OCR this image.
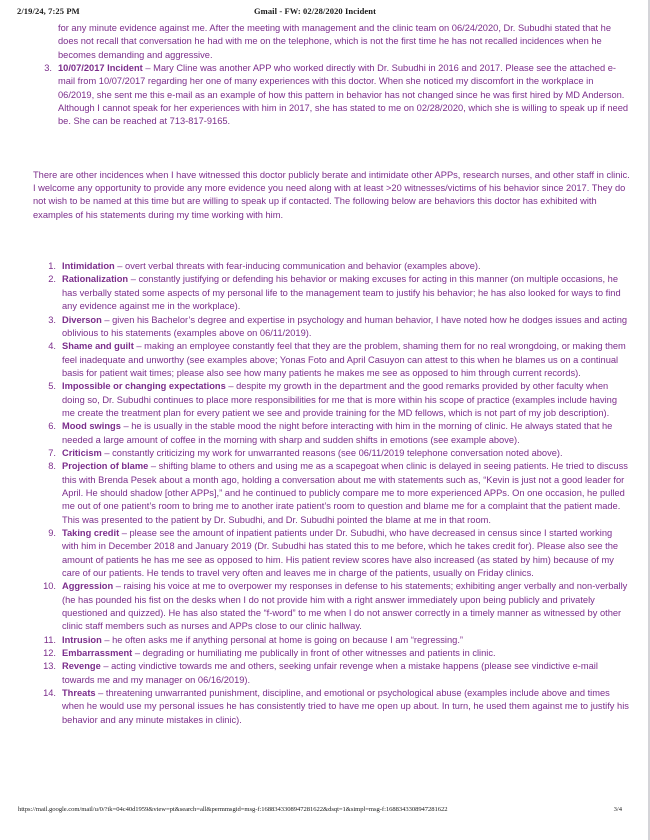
2/19/24, 7:25 PM	Gmail - FW: 02/28/2020 Incident

for any minute evidence against me. After the meeting with management and the clinic team on 06/24/2020, Dr. Subudhi stated that he does not recall that conversation he had with me on the telephone, which is not the first time he has not recalled incidences when he becomes demanding and aggressive.

3. 10/07/2017 Incident – Mary Cline was another APP who worked directly with Dr. Subudhi in 2016 and 2017. Please see the attached e-mail from 10/07/2017 regarding her one of many experiences with this doctor. When she noticed my discomfort in the workplace in 06/2019, she sent me this e-mail as an example of how this pattern in behavior has not changed since he was first hired by MD Anderson. Although I cannot speak for her experiences with him in 2017, she has stated to me on 02/28/2020, which she is willing to speak up if need be. She can be reached at 713-817-9165.

There are other incidences when I have witnessed this doctor publicly berate and intimidate other APPs, research nurses, and other staff in clinic. I welcome any opportunity to provide any more evidence you need along with at least >20 witnesses/victims of his behavior since 2017. They do not wish to be named at this time but are willing to speak up if contacted. The following below are behaviors this doctor has exhibited with examples of his statements during my time working with him.

1. Intimidation – overt verbal threats with fear-inducing communication and behavior (examples above).
2. Rationalization – constantly justifying or defending his behavior or making excuses for acting in this manner (on multiple occasions, he has verbally stated some aspects of my personal life to the management team to justify his behavior; he has also looked for ways to find any evidence against me in the workplace).
3. Diverson – given his Bachelor’s degree and expertise in psychology and human behavior, I have noted how he dodges issues and acting oblivious to his statements (examples above on 06/11/2019).
4. Shame and guilt – making an employee constantly feel that they are the problem, shaming them for no real wrongdoing, or making them feel inadequate and unworthy (see examples above; Yonas Foto and April Casuyon can attest to this when he blames us on a continual basis for patient wait times; please also see how many patients he makes me see as opposed to him through current records).
5. Impossible or changing expectations – despite my growth in the department and the good remarks provided by other faculty when doing so, Dr. Subudhi continues to place more responsibilities for me that is more within his scope of practice (examples include having me create the treatment plan for every patient we see and provide training for the MD fellows, which is not part of my job description).
6. Mood swings – he is usually in the stable mood the night before interacting with him in the morning of clinic. He always stated that he needed a large amount of coffee in the morning with sharp and sudden shifts in emotions (see example above).
7. Criticism – constantly criticizing my work for unwarranted reasons (see 06/11/2019 telephone conversation noted above).
8. Projection of blame – shifting blame to others and using me as a scapegoat when clinic is delayed in seeing patients. He tried to discuss this with Brenda Pesek about a month ago, holding a conversation about me with statements such as, “Kevin is just not a good leader for April. He should shadow [other APPs],” and he continued to publicly compare me to more experienced APPs. On one occasion, he pulled me out of one patient’s room to bring me to another irate patient’s room to question and blame me for a complaint that the patient made. This was presented to the patient by Dr. Subudhi, and Dr. Subudhi pointed the blame at me in that room.
9. Taking credit – please see the amount of inpatient patients under Dr. Subudhi, who have decreased in census since I started working with him in December 2018 and January 2019 (Dr. Subudhi has stated this to me before, which he takes credit for). Please also see the amount of patients he has me see as opposed to him. His patient review scores have also increased (as stated by him) because of my care of our patients. He tends to travel very often and leaves me in charge of the patients, usually on Friday clinics.
10. Aggression – raising his voice at me to overpower my responses in defense to his statements; exhibiting anger verbally and non-verbally (he has pounded his fist on the desks when I do not provide him with a right answer immediately upon being publicly and privately questioned and quizzed). He has also stated the “f-word” to me when I do not answer correctly in a timely manner as witnessed by other clinic staff members such as nurses and APPs close to our clinic hallway.
11. Intrusion – he often asks me if anything personal at home is going on because I am “regressing.”
12. Embarrassment – degrading or humiliating me publically in front of other witnesses and patients in clinic.
13. Revenge – acting vindictive towards me and others, seeking unfair revenge when a mistake happens (please see vindictive e-mail towards me and my manager on 06/16/2019).
14. Threats – threatening unwarranted punishment, discipline, and emotional or psychological abuse (examples include above and times when he would use my personal issues he has consistently tried to have me open up about. In turn, he used them against me to justify his behavior and any minute mistakes in clinic).
https://mail.google.com/mail/u/0/?ik=04c40d1959&view=pt&search=all&permmsgid=msg-f:1688343308947281622&dsqt=1&simpl=msg-f:1688343308947281622	3/4
